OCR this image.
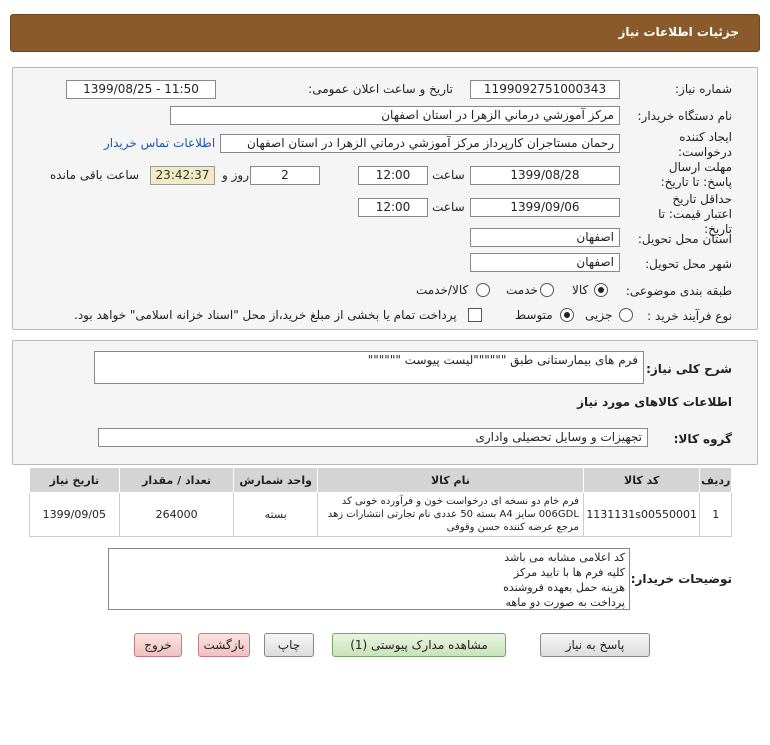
جزئیات اطلاعات نیاز
شماره نیاز:
1199092751000343
تاریخ و ساعت اعلان عمومی:
1399/08/25 - 11:50
نام دستگاه خریدار:
مرکز آموزشي درماني الزهرا در استان اصفهان
ایجاد کننده درخواست:
رحمان مستاجران کارپرداز مرکز آموزشي درماني الزهرا در استان اصفهان
اطلاعات تماس خریدار
مهلت ارسال پاسخ: تا تاریخ:
1399/08/28
ساعت
12:00
2
روز و
23:42:37
ساعت باقی مانده
حداقل تاریخ اعتبار قیمت: تا تاریخ:
1399/09/06
ساعت
12:00
استان محل تحویل:
اصفهان
شهر محل تحویل:
اصفهان
طبقه بندی موضوعی:
کالا
خدمت
کالا/خدمت
نوع فرآیند خرید :
جزیی
متوسط
پرداخت تمام یا بخشی از مبلغ خرید،از محل "اسناد خزانه اسلامی" خواهد بود.
شرح کلی نیاز:
فرم های بیمارستانی طبق """"""لیست پیوست """"""
اطلاعات کالاهای مورد نیاز
گروه کالا:
تجهیزات و وسایل تحصیلی واداری
تاریخ نیاز	تعداد / مقدار	واحد شمارش	نام کالا	کد کالا	ردیف
1399/09/05	264000	بسته	فرم خام دو نسخه ای درخواست خون و فرآورده خونی کد 006GDL سایز A4 بسته 50 عددی نام تجارتی انتشارات زهد مرجع عرضه کننده حسن وقوفی	1131131s00550001	1
توضیحات خریدار:
کد اعلامی مشابه می باشد
کلیه فرم ها با تایید مرکز
هزینه حمل بعهده فروشنده
پرداخت به صورت دو ماهه
پاسخ به نیاز
مشاهده مدارک پیوستی (1)
چاپ
بازگشت
خروج
